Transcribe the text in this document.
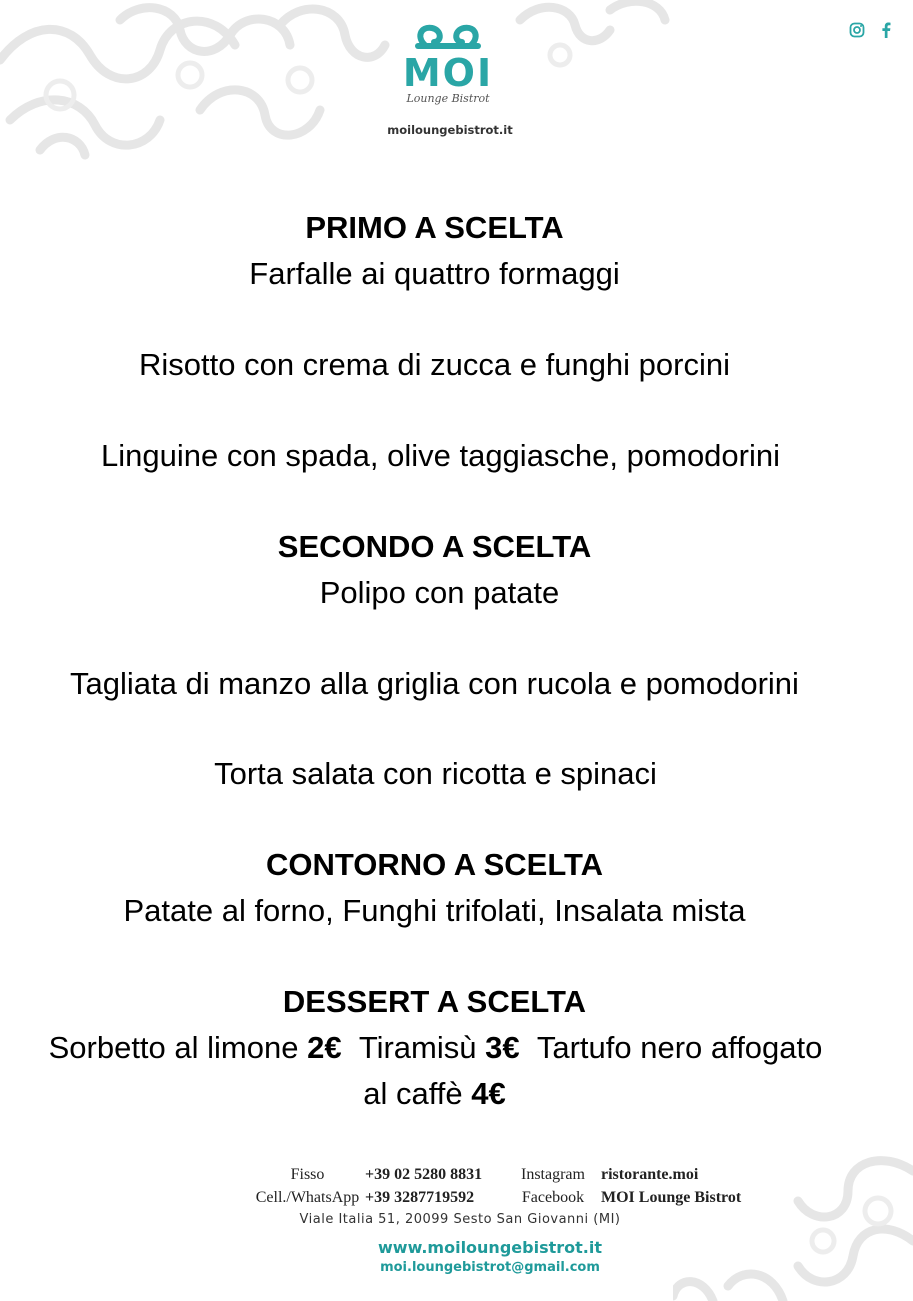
MOI
Lounge Bistrot
moiloungebistrot.it
PRIMO A SCELTA
Farfalle ai quattro formaggi
Risotto con crema di zucca e funghi porcini
Linguine con spada, olive taggiasche, pomodorini
SECONDO A SCELTA
Polipo con patate
Tagliata di manzo alla griglia con rucola e pomodorini
Torta salata con ricotta e spinaci
CONTORNO A SCELTA
Patate al forno, Funghi trifolati, Insalata mista
DESSERT A SCELTA
Sorbetto al limone 2€ Tiramisù 3€ Tartufo nero affogato
al caffè 4€
Fisso	+39 02 5280 8831	Instagram	ristorante.moi
Cell./WhatsApp +39 3287719592	Facebook	MOI Lounge Bistrot
Viale Italia 51, 20099 Sesto San Giovanni (MI)
www.moiloungebistrot.it
moi.loungebistrot@gmail.com
